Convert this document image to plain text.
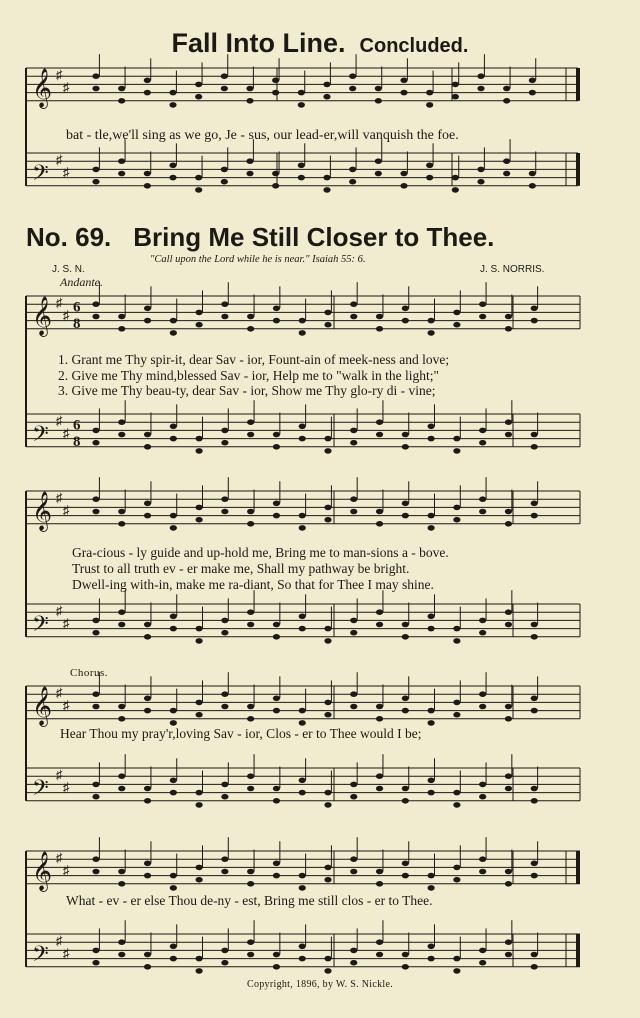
Fall Into Line. Concluded.
𝄞 ♯
♯
𝄢
♯
♯
𝄞 ♯
♯
𝄢
♯
♯
𝄞 ♯
♯
𝄢
♯
♯
𝄞 ♯
♯
𝄢
♯
♯
𝄞 ♯
♯
𝄢
♯
♯
6
8
6
8
bat - tle,we'll sing as we go, Je - sus, our lead-er,will vanquish the foe.
No. 69. Bring Me Still Closer to Thee.
J. S. N.
"Call upon the Lord while he is near." Isaiah 55: 6.
J. S. NORRIS.
Andante.
1. Grant me Thy spir-it, dear Sav - ior, Fount-ain of meek-ness and love;
2. Give me Thy mind,blessed Sav - ior, Help me to "walk in the light;"
3. Give me Thy beau-ty, dear Sav - ior, Show me Thy glo-ry di - vine;
Gra-cious - ly guide and up-hold me, Bring me to man-sions a - bove.
Trust to all truth ev - er make me, Shall my pathway be bright.
Dwell-ing with-in, make me ra-diant, So that for Thee I may shine.
Chorus.
Hear Thou my pray'r,loving Sav - ior, Clos - er to Thee would I be;
What - ev - er else Thou de-ny - est, Bring me still clos - er to Thee.
Copyright, 1896, by W. S. Nickle.
